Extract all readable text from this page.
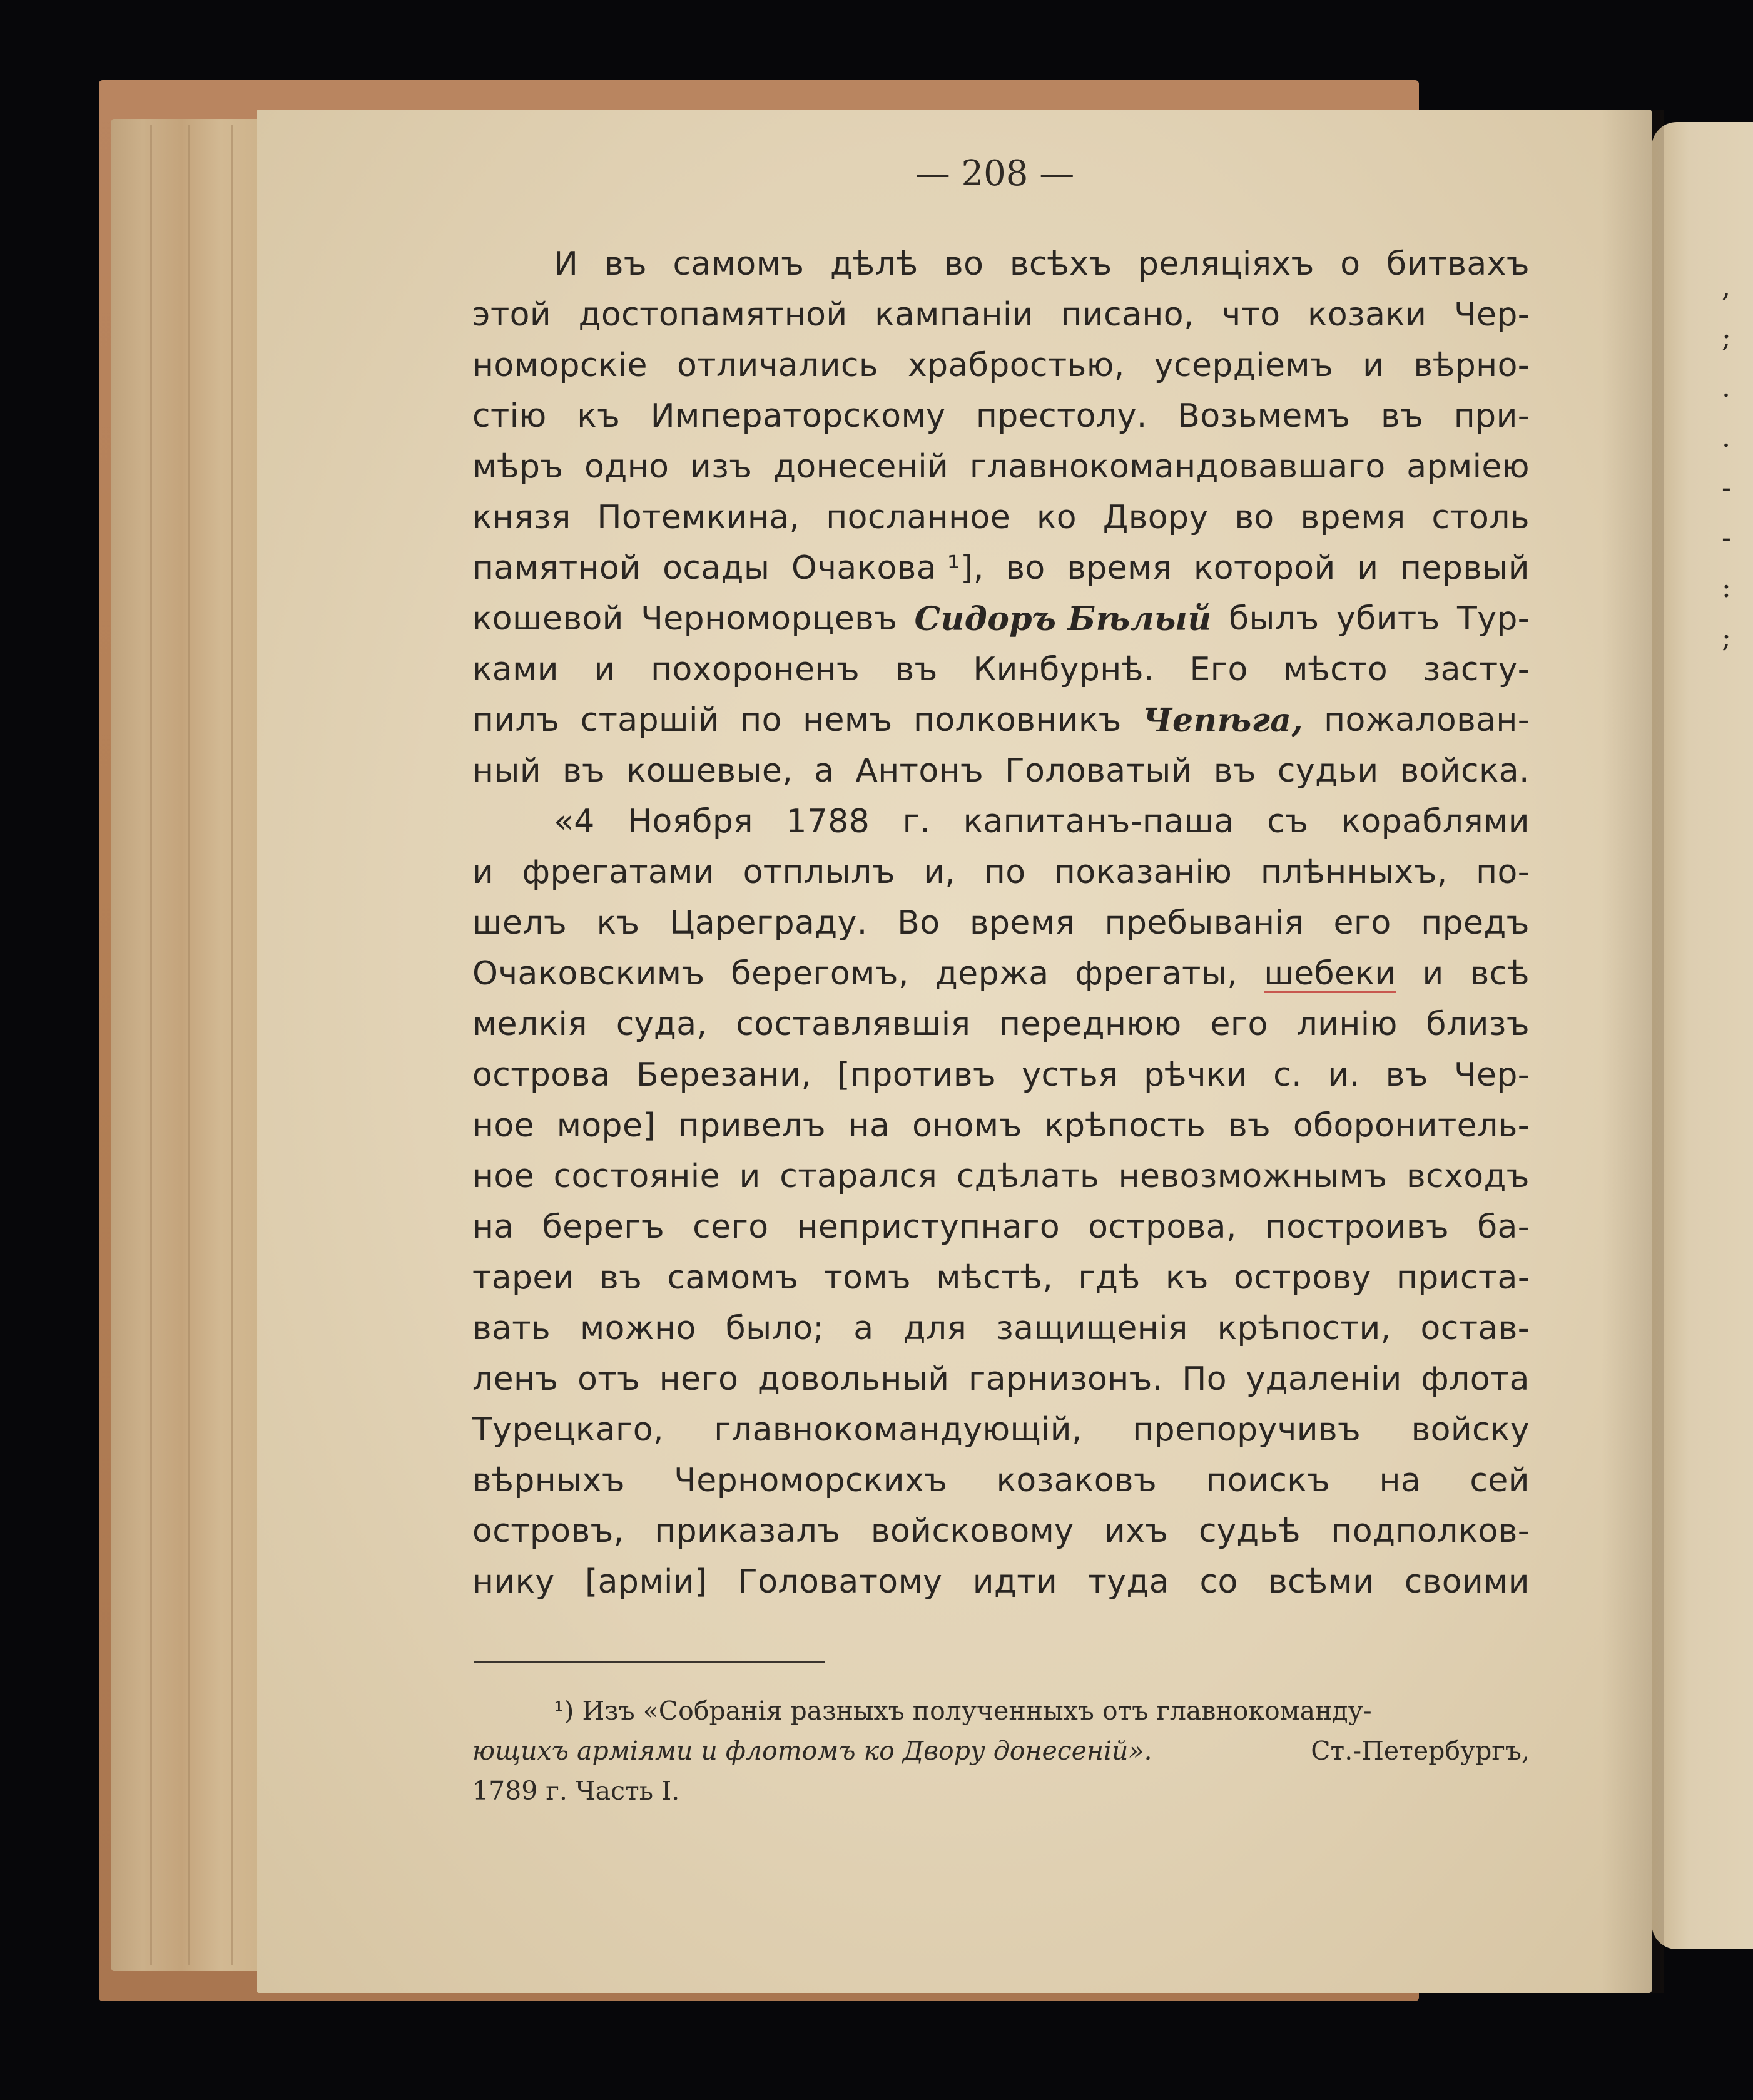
,
;
.
.
-
-
:
;
— 208 —
И въ самомъ дѣлѣ во всѣхъ реляціяхъ о битвахъ
этой достопамятной кампаніи писано, что козаки Чер-
номорскіе отличались храбростью, усердіемъ и вѣрно-
стію къ Императорскому престолу. Возьмемъ въ при-
мѣръ одно изъ донесеній главнокомандовавшаго арміею
князя Потемкина, посланное ко Двору во время столь
памятной осады Очакова ¹], во время которой и первый
кошевой Черноморцевъ Сидоръ Бѣлый былъ убитъ Тур-
ками и похороненъ въ Кинбурнѣ. Его мѣсто засту-
пилъ старшій по немъ полковникъ Чепѣга, пожалован-
ный въ кошевые, а Антонъ Головатый въ судьи войска.
«4 Ноября 1788 г. капитанъ-паша съ кораблями
и фрегатами отплылъ и, по показанію плѣнныхъ, по-
шелъ къ Цареграду. Во время пребыванія его предъ
Очаковскимъ берегомъ, держа фрегаты, шебеки и всѣ
мелкія суда, составлявшія переднюю его линію близъ
острова Березани, [противъ устья рѣчки с. и. въ Чер-
ное море] привелъ на ономъ крѣпость въ оборонитель-
ное состояніе и старался сдѣлать невозможнымъ всходъ
на берегъ сего неприступнаго острова, построивъ ба-
тареи въ самомъ томъ мѣстѣ, гдѣ къ острову приста-
вать можно было; а для защищенія крѣпости, остав-
ленъ отъ него довольный гарнизонъ. По удаленіи флота
Турецкаго, главнокомандующій, препоручивъ войску
вѣрныхъ Черноморскихъ козаковъ поискъ на сей
островъ, приказалъ войсковому ихъ судьѣ подполков-
нику [арміи] Головатому идти туда со всѣми своими
¹) Изъ «Собранія разныхъ полученныхъ отъ главнокоманду-
ющихъ арміями и флотомъ ко Двору донесеній».	Ст.-Петербургъ,
1789 г. Часть I.
